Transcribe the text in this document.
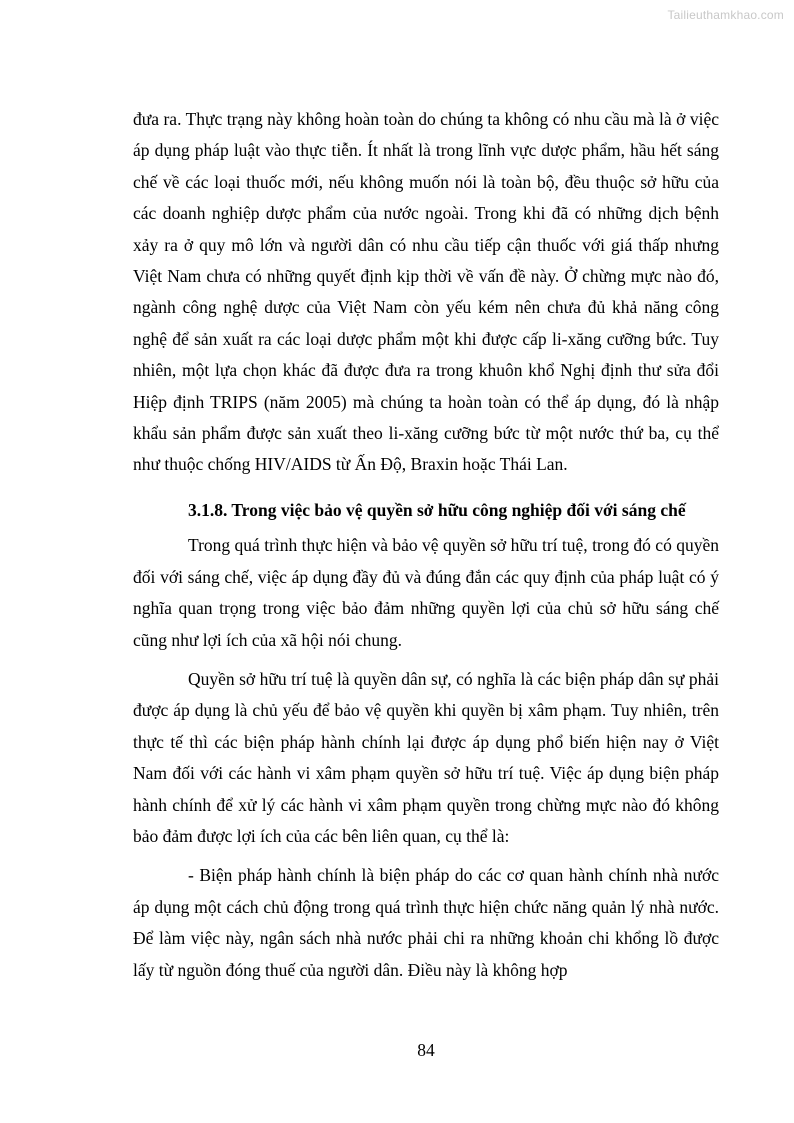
Tailieuthamkhao.com

đưa ra. Thực trạng này không hoàn toàn do chúng ta không có nhu cầu mà là ở việc áp dụng pháp luật vào thực tiễn. Ít nhất là trong lĩnh vực dược phẩm, hầu hết sáng chế về các loại thuốc mới, nếu không muốn nói là toàn bộ, đều thuộc sở hữu của các doanh nghiệp dược phẩm của nước ngoài. Trong khi đã có những dịch bệnh xảy ra ở quy mô lớn và người dân có nhu cầu tiếp cận thuốc với giá thấp nhưng Việt Nam chưa có những quyết định kịp thời về vấn đề này. Ở chừng mực nào đó, ngành công nghệ dược của Việt Nam còn yếu kém nên chưa đủ khả năng công nghệ để sản xuất ra các loại dược phẩm một khi được cấp li-xăng cưỡng bức. Tuy nhiên, một lựa chọn khác đã được đưa ra trong khuôn khổ Nghị định thư sửa đổi Hiệp định TRIPS (năm 2005) mà chúng ta hoàn toàn có thể áp dụng, đó là nhập khẩu sản phẩm được sản xuất theo li-xăng cưỡng bức từ một nước thứ ba, cụ thể như thuộc chống HIV/AIDS từ Ấn Độ, Braxin hoặc Thái Lan.

3.1.8. Trong việc bảo vệ quyền sở hữu công nghiệp đối với sáng chế

Trong quá trình thực hiện và bảo vệ quyền sở hữu trí tuệ, trong đó có quyền đối với sáng chế, việc áp dụng đầy đủ và đúng đắn các quy định của pháp luật có ý nghĩa quan trọng trong việc bảo đảm những quyền lợi của chủ sở hữu sáng chế cũng như lợi ích của xã hội nói chung.

Quyền sở hữu trí tuệ là quyền dân sự, có nghĩa là các biện pháp dân sự phải được áp dụng là chủ yếu để bảo vệ quyền khi quyền bị xâm phạm. Tuy nhiên, trên thực tế thì các biện pháp hành chính lại được áp dụng phổ biến hiện nay ở Việt Nam đối với các hành vi xâm phạm quyền sở hữu trí tuệ. Việc áp dụng biện pháp hành chính để xử lý các hành vi xâm phạm quyền trong chừng mực nào đó không bảo đảm được lợi ích của các bên liên quan, cụ thể là:

- Biện pháp hành chính là biện pháp do các cơ quan hành chính nhà nước áp dụng một cách chủ động trong quá trình thực hiện chức năng quản lý nhà nước. Để làm việc này, ngân sách nhà nước phải chi ra những khoản chi khổng lồ được lấy từ nguồn đóng thuế của người dân. Điều này là không hợp

84
